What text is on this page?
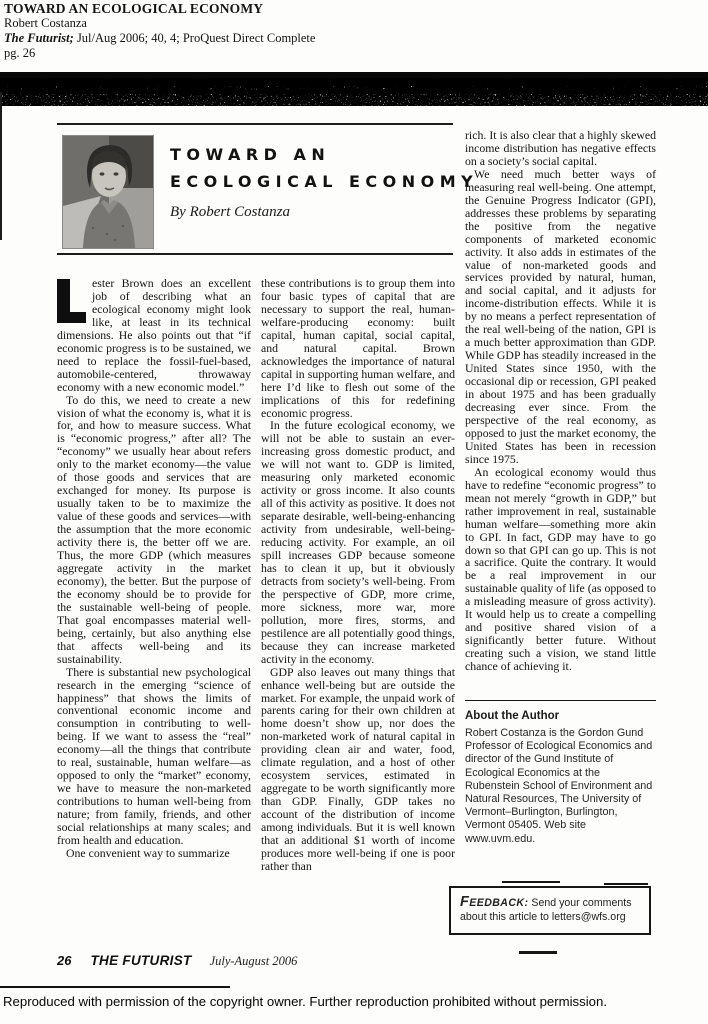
TOWARD AN ECOLOGICAL ECONOMY
Robert Costanza
The Futurist; Jul/Aug 2006; 40, 4; ProQuest Direct Complete
pg. 26
TOWARD AN
ECOLOGICAL ECONOMY
By Robert Costanza

ester Brown does an excellent job of describing what an ecological economy might look like, at least in its technical dimensions. He also points out that “if economic progress is to be sustained, we need to replace the fossil-fuel-based, automobile-centered, throwaway economy with a new economic model.”

To do this, we need to create a new vision of what the economy is, what it is for, and how to measure success. What is “economic progress,” after all? The “economy” we usually hear about refers only to the market economy—the value of those goods and services that are exchanged for money. Its purpose is usually taken to be to maximize the value of these goods and services—with the assumption that the more economic activity there is, the better off we are. Thus, the more GDP (which measures aggregate activity in the market economy), the better. But the purpose of the economy should be to provide for the sustainable well-being of people. That goal encompasses material well-being, certainly, but also anything else that affects well-being and its sustainability.

There is substantial new psychological research in the emerging “science of happiness” that shows the limits of conventional economic income and consumption in contributing to well-being. If we want to assess the “real” economy—all the things that contribute to real, sustainable, human welfare—as opposed to only the “market” economy, we have to measure the non-marketed contributions to human well-being from nature; from family, friends, and other social relationships at many scales; and from health and education.

One convenient way to summarize

these contributions is to group them into four basic types of capital that are necessary to support the real, human-welfare-producing economy: built capital, human capital, social capital, and natural capital. Brown acknowledges the importance of natural capital in supporting human welfare, and here I’d like to flesh out some of the implications of this for redefining economic progress.

In the future ecological economy, we will not be able to sustain an ever-increasing gross domestic product, and we will not want to. GDP is limited, measuring only marketed economic activity or gross income. It also counts all of this activity as positive. It does not separate desirable, well-being-enhancing activity from undesirable, well-being-reducing activity. For example, an oil spill increases GDP because someone has to clean it up, but it obviously detracts from society’s well-being. From the perspective of GDP, more crime, more sickness, more war, more pollution, more fires, storms, and pestilence are all potentially good things, because they can increase marketed activity in the economy.

GDP also leaves out many things that enhance well-being but are outside the market. For example, the unpaid work of parents caring for their own children at home doesn’t show up, nor does the non-marketed work of natural capital in providing clean air and water, food, climate regulation, and a host of other ecosystem services, estimated in aggregate to be worth significantly more than GDP. Finally, GDP takes no account of the distribution of income among individuals. But it is well known that an additional $1 worth of income produces more well-being if one is poor rather than

rich. It is also clear that a highly skewed income distribution has negative effects on a society’s social capital.

We need much better ways of measuring real well-being. One attempt, the Genuine Progress Indicator (GPI), addresses these problems by separating the positive from the negative components of marketed economic activity. It also adds in estimates of the value of non-marketed goods and services provided by natural, human, and social capital, and it adjusts for income-distribution effects. While it is by no means a perfect representation of the real well-being of the nation, GPI is a much better approximation than GDP. While GDP has steadily increased in the United States since 1950, with the occasional dip or recession, GPI peaked in about 1975 and has been gradually decreasing ever since. From the perspective of the real economy, as opposed to just the market economy, the United States has been in recession since 1975.

An ecological economy would thus have to redefine “economic progress” to mean not merely “growth in GDP,” but rather improvement in real, sustainable human welfare—something more akin to GPI. In fact, GDP may have to go down so that GPI can go up. This is not a sacrifice. Quite the contrary. It would be a real improvement in our sustainable quality of life (as opposed to a misleading measure of gross activity). It would help us to create a compelling and positive shared vision of a significantly better future. Without creating such a vision, we stand little chance of achieving it.

About the Author
Robert Costanza is the Gordon Gund Professor of Ecological Economics and director of the Gund Institute of Ecological Economics at the Rubenstein School of Environment and Natural Resources, The University of Vermont–Burlington, Burlington, Vermont 05405. Web site www.uvm.edu.
FEEDBACK: Send your comments about this article to letters@wfs.org
26 THE FUTURIST July-August 2006
Reproduced with permission of the copyright owner. Further reproduction prohibited without permission.
